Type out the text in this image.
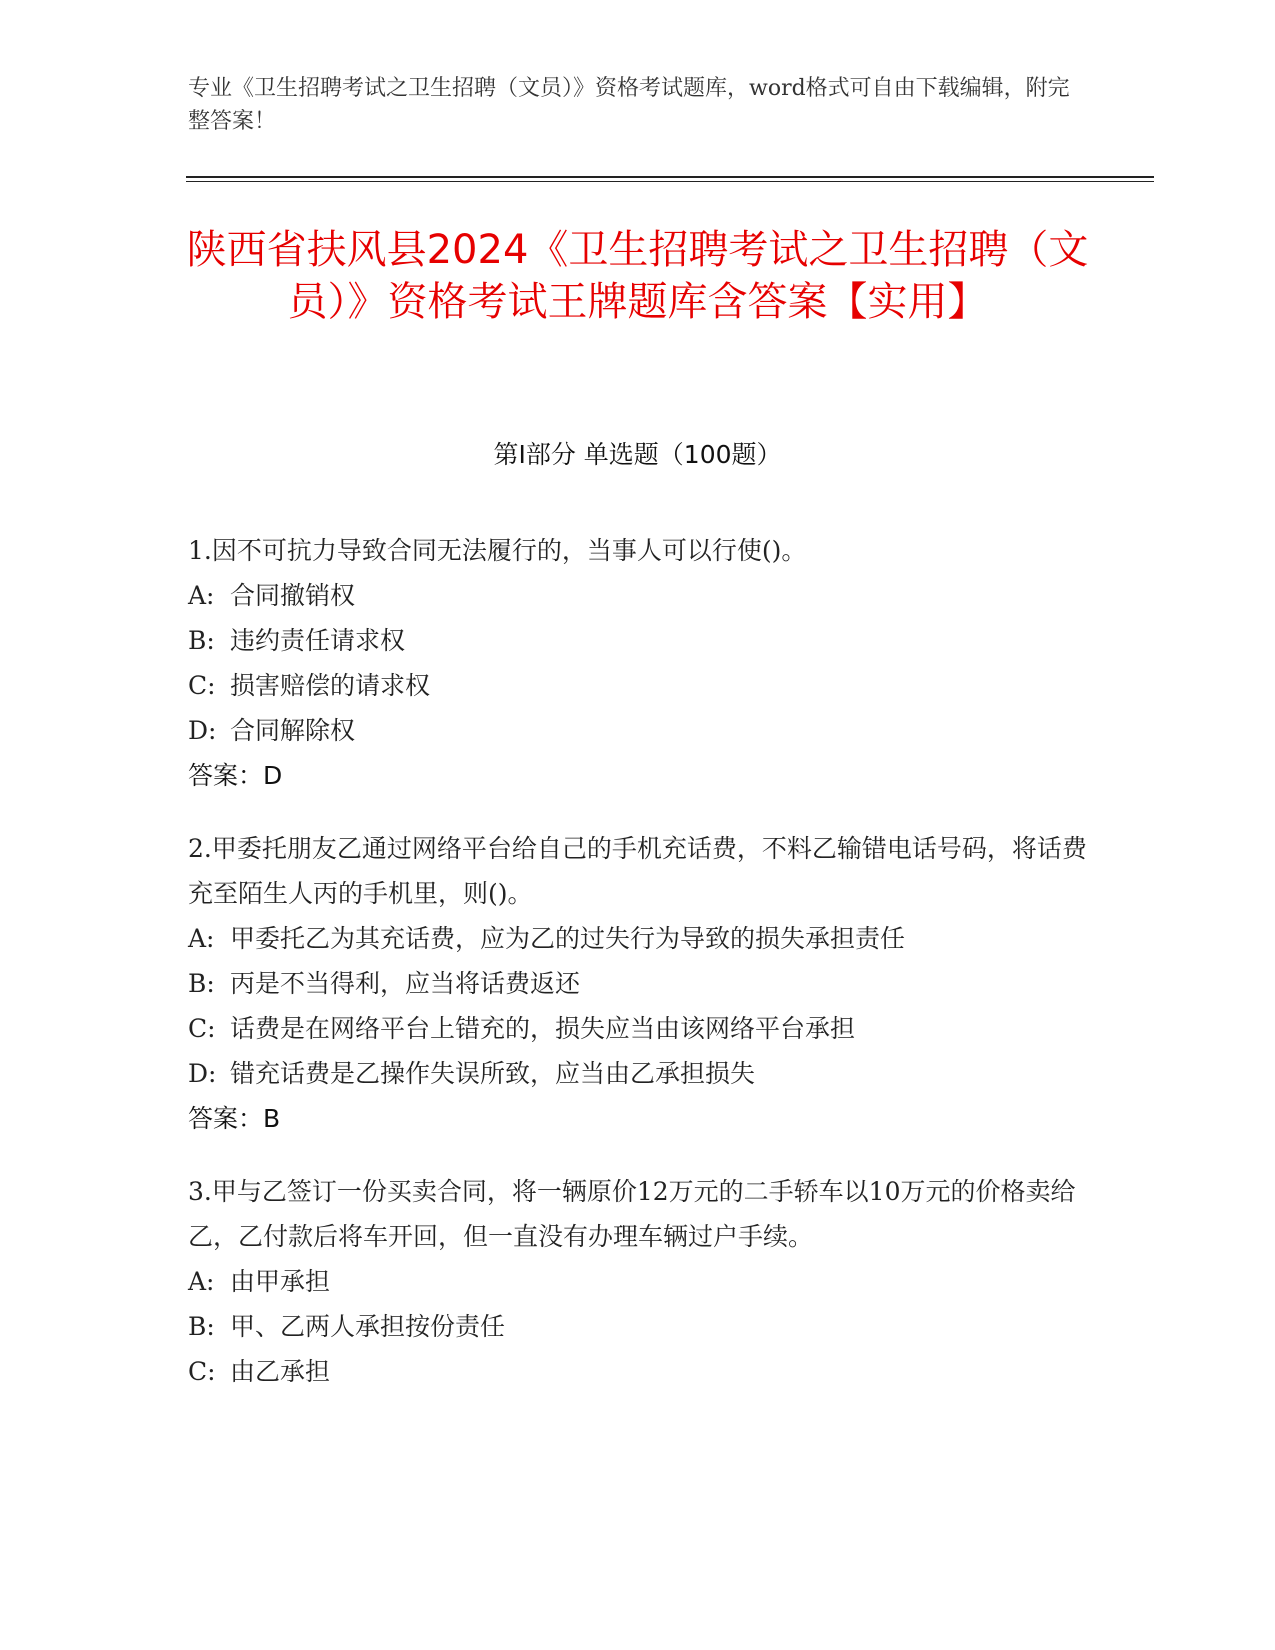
专业《卫生招聘考试之卫生招聘（文员）》资格考试题库，word格式可自由下载编辑，附完整答案！
陕西省扶风县2024《卫生招聘考试之卫生招聘（文员）》资格考试王牌题库含答案【实用】
第I部分 单选题（100题）

1.因不可抗力导致合同无法履行的，当事人可以行使()。

A: 合同撤销权

B: 违约责任请求权

C: 损害赔偿的请求权

D: 合同解除权

答案：D

2.甲委托朋友乙通过网络平台给自己的手机充话费，不料乙输错电话号码，将话费充至陌生人丙的手机里，则()。

A: 甲委托乙为其充话费，应为乙的过失行为导致的损失承担责任

B: 丙是不当得利，应当将话费返还

C: 话费是在网络平台上错充的，损失应当由该网络平台承担

D: 错充话费是乙操作失误所致，应当由乙承担损失

答案：B

3.甲与乙签订一份买卖合同，将一辆原价12万元的二手轿车以10万元的价格卖给乙，乙付款后将车开回，但一直没有办理车辆过户手续。

A: 由甲承担

B: 甲、乙两人承担按份责任

C: 由乙承担
